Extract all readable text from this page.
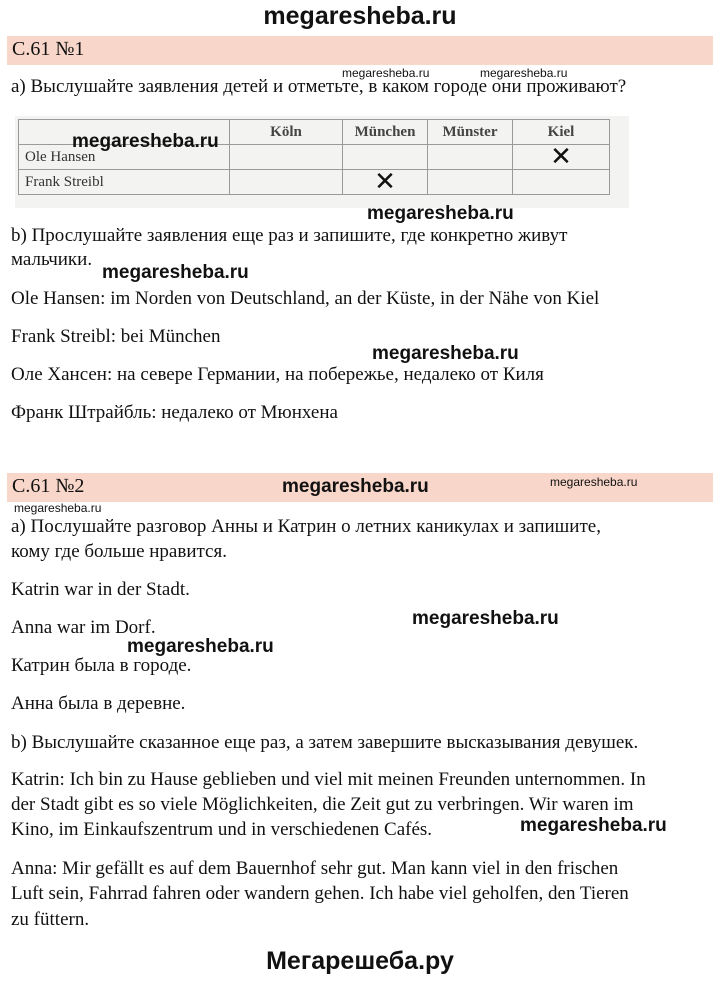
megaresheba.ru
С.61 №1
megaresheba.ru	megaresheba.ru
а) Выслушайте заявления детей и отметьте, в каком городе они проживают?
	Köln	München	Münster	Kiel
Ole Hansen				✕
Frank Streibl		✕		
megaresheba.ru
megaresheba.ru
b) Прослушайте заявления еще раз и запишите, где конкретно живут
мальчики.
megaresheba.ru
Ole Hansen: im Norden von Deutschland, an der Küste, in der Nähe von Kiel
Frank Streibl: bei München
megaresheba.ru
Оле Хансен: на севере Германии, на побережье, недалеко от Киля
Франк Штрайбль: недалеко от Мюнхена
С.61 №2	megaresheba.ru	megaresheba.ru
megaresheba.ru
а) Послушайте разговор Анны и Катрин о летних каникулах и запишите,
кому где больше нравится.
Katrin war in der Stadt.
megaresheba.ru
Anna war im Dorf.
megaresheba.ru
Катрин была в городе.
Анна была в деревне.
b) Выслушайте сказанное еще раз, а затем завершите высказывания девушек.
Katrin: Ich bin zu Hause geblieben und viel mit meinen Freunden unternommen. In
der Stadt gibt es so viele Möglichkeiten, die Zeit gut zu verbringen. Wir waren im
Kino, im Einkaufszentrum und in verschiedenen Cafés.	megaresheba.ru
Anna: Mir gefällt es auf dem Bauernhof sehr gut. Man kann viel in den frischen
Luft sein, Fahrrad fahren oder wandern gehen. Ich habe viel geholfen, den Tieren
zu füttern.
Мегарешеба.ру
